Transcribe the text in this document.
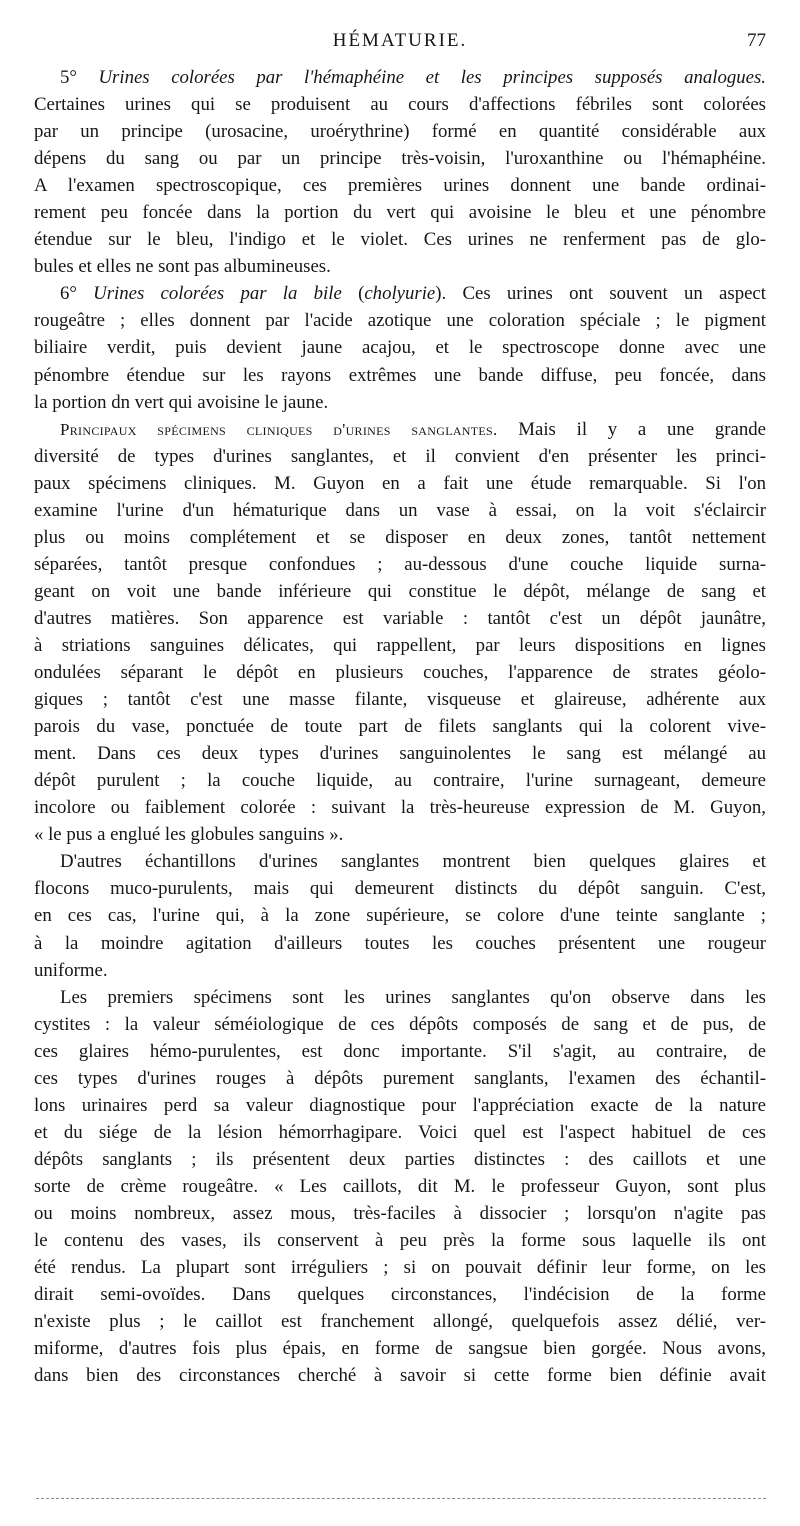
HÉMATURIE.	77
5° Urines colorées par l'hémaphéine et les principes supposés analogues.
Certaines urines qui se produisent au cours d'affections fébriles sont colorées
par un principe (urosacine, uroérythrine) formé en quantité considérable aux
dépens du sang ou par un principe très-voisin, l'uroxanthine ou l'hémaphéine.
A l'examen spectroscopique, ces premières urines donnent une bande ordinai-
rement peu foncée dans la portion du vert qui avoisine le bleu et une pénombre
étendue sur le bleu, l'indigo et le violet. Ces urines ne renferment pas de glo-
bules et elles ne sont pas albumineuses.
6° Urines colorées par la bile (cholyurie). Ces urines ont souvent un aspect
rougeâtre ; elles donnent par l'acide azotique une coloration spéciale ; le pigment
biliaire verdit, puis devient jaune acajou, et le spectroscope donne avec une
pénombre étendue sur les rayons extrêmes une bande diffuse, peu foncée, dans
la portion dn vert qui avoisine le jaune.
Principaux spécimens cliniques d'urines sanglantes. Mais il y a une grande
diversité de types d'urines sanglantes, et il convient d'en présenter les princi-
paux spécimens cliniques. M. Guyon en a fait une étude remarquable. Si l'on
examine l'urine d'un hématurique dans un vase à essai, on la voit s'éclaircir
plus ou moins complétement et se disposer en deux zones, tantôt nettement
séparées, tantôt presque confondues ; au-dessous d'une couche liquide surna-
geant on voit une bande inférieure qui constitue le dépôt, mélange de sang et
d'autres matières. Son apparence est variable : tantôt c'est un dépôt jaunâtre,
à striations sanguines délicates, qui rappellent, par leurs dispositions en lignes
ondulées séparant le dépôt en plusieurs couches, l'apparence de strates géolo-
giques ; tantôt c'est une masse filante, visqueuse et glaireuse, adhérente aux
parois du vase, ponctuée de toute part de filets sanglants qui la colorent vive-
ment. Dans ces deux types d'urines sanguinolentes le sang est mélangé au
dépôt purulent ; la couche liquide, au contraire, l'urine surnageant, demeure
incolore ou faiblement colorée : suivant la très-heureuse expression de M. Guyon,
« le pus a englué les globules sanguins ».
D'autres échantillons d'urines sanglantes montrent bien quelques glaires et
flocons muco-purulents, mais qui demeurent distincts du dépôt sanguin. C'est,
en ces cas, l'urine qui, à la zone supérieure, se colore d'une teinte sanglante ;
à la moindre agitation d'ailleurs toutes les couches présentent une rougeur
uniforme.
Les premiers spécimens sont les urines sanglantes qu'on observe dans les
cystites : la valeur séméiologique de ces dépôts composés de sang et de pus, de
ces glaires hémo-purulentes, est donc importante. S'il s'agit, au contraire, de
ces types d'urines rouges à dépôts purement sanglants, l'examen des échantil-
lons urinaires perd sa valeur diagnostique pour l'appréciation exacte de la nature
et du siége de la lésion hémorrhagipare. Voici quel est l'aspect habituel de ces
dépôts sanglants ; ils présentent deux parties distinctes : des caillots et une
sorte de crème rougeâtre. « Les caillots, dit M. le professeur Guyon, sont plus
ou moins nombreux, assez mous, très-faciles à dissocier ; lorsqu'on n'agite pas
le contenu des vases, ils conservent à peu près la forme sous laquelle ils ont
été rendus. La plupart sont irréguliers ; si on pouvait définir leur forme, on les
dirait semi-ovoïdes. Dans quelques circonstances, l'indécision de la forme
n'existe plus ; le caillot est franchement allongé, quelquefois assez délié, ver-
miforme, d'autres fois plus épais, en forme de sangsue bien gorgée. Nous avons,
dans bien des circonstances cherché à savoir si cette forme bien définie avait
